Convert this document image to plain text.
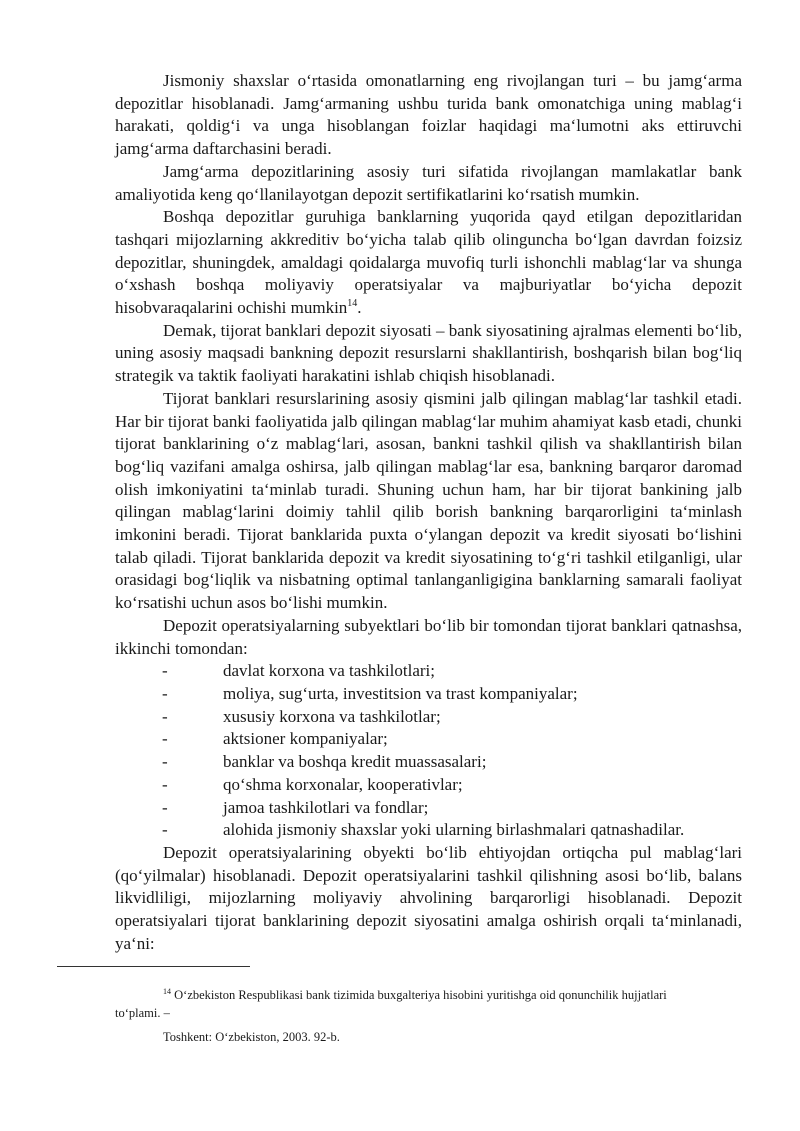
Jismoniy shaxslar o‘rtasida omonatlarning eng rivojlangan turi – bu jamg‘arma depozitlar hisoblanadi. Jamg‘armaning ushbu turida bank omonatchiga uning mablag‘i harakati, qoldig‘i va unga hisoblangan foizlar haqidagi ma‘lumotni aks ettiruvchi jamg‘arma daftarchasini beradi.

Jamg‘arma depozitlarining asosiy turi sifatida rivojlangan mamlakatlar bank amaliyotida keng qo‘llanilayotgan depozit sertifikatlarini ko‘rsatish mumkin.

Boshqa depozitlar guruhiga banklarning yuqorida qayd etilgan depozitlaridan tashqari mijozlarning akkreditiv bo‘yicha talab qilib olinguncha bo‘lgan davrdan foizsiz depozitlar, shuningdek, amaldagi qoidalarga muvofiq turli ishonchli mablag‘lar va shunga o‘xshash boshqa moliyaviy operatsiyalar va majburiyatlar bo‘yicha depozit hisobvaraqalarini ochishi mumkin$^{14}$.

Demak, tijorat banklari depozit siyosati – bank siyosatining ajralmas elementi bo‘lib, uning asosiy maqsadi bankning depozit resurslarni shakllantirish, boshqarish bilan bog‘liq strategik va taktik faoliyati harakatini ishlab chiqish hisoblanadi.

Tijorat banklari resurslarining asosiy qismini jalb qilingan mablag‘lar tashkil etadi. Har bir tijorat banki faoliyatida jalb qilingan mablag‘lar muhim ahamiyat kasb etadi, chunki tijorat banklarining o‘z mablag‘lari, asosan, bankni tashkil qilish va shakllantirish bilan bog‘liq vazifani amalga oshirsa, jalb qilingan mablag‘lar esa, bankning barqaror daromad olish imkoniyatini ta‘minlab turadi. Shuning uchun ham, har bir tijorat bankining jalb qilingan mablag‘larini doimiy tahlil qilib borish bankning barqarorligini ta‘minlash imkonini beradi. Tijorat banklarida puxta o‘ylangan depozit va kredit siyosati bo‘lishini talab qiladi. Tijorat banklarida depozit va kredit siyosatining to‘g‘ri tashkil etilganligi, ular orasidagi bog‘liqlik va nisbatning optimal tanlanganligigina banklarning samarali faoliyat ko‘rsatishi uchun asos bo‘lishi mumkin.

Depozit operatsiyalarning subyektlari bo‘lib bir tomondan tijorat banklari qatnashsa, ikkinchi tomondan:

-	davlat korxona va tashkilotlari;
-	moliya, sug‘urta, investitsion va trast kompaniyalar;
-	xususiy korxona va tashkilotlar;
-	aktsioner kompaniyalar;
-	banklar va boshqa kredit muassasalari;
-	qo‘shma korxonalar, kooperativlar;
-	jamoa tashkilotlari va fondlar;
-	alohida jismoniy shaxslar yoki ularning birlashmalari qatnashadilar.

Depozit operatsiyalarining obyekti bo‘lib ehtiyojdan ortiqcha pul mablag‘lari (qo‘yilmalar) hisoblanadi. Depozit operatsiyalarini tashkil qilishning asosi bo‘lib, balans likvidliligi, mijozlarning moliyaviy ahvolining barqarorligi hisoblanadi. Depozit operatsiyalari tijorat banklarining depozit siyosatini amalga oshirish orqali ta‘minlanadi, ya‘ni:

$^{14}$ O‘zbekiston Respublikasi bank tizimida buxgalteriya hisobini yuritishga oid qonunchilik hujjatlari
to‘plami. –
Toshkent: O‘zbekiston, 2003. 92-b.
